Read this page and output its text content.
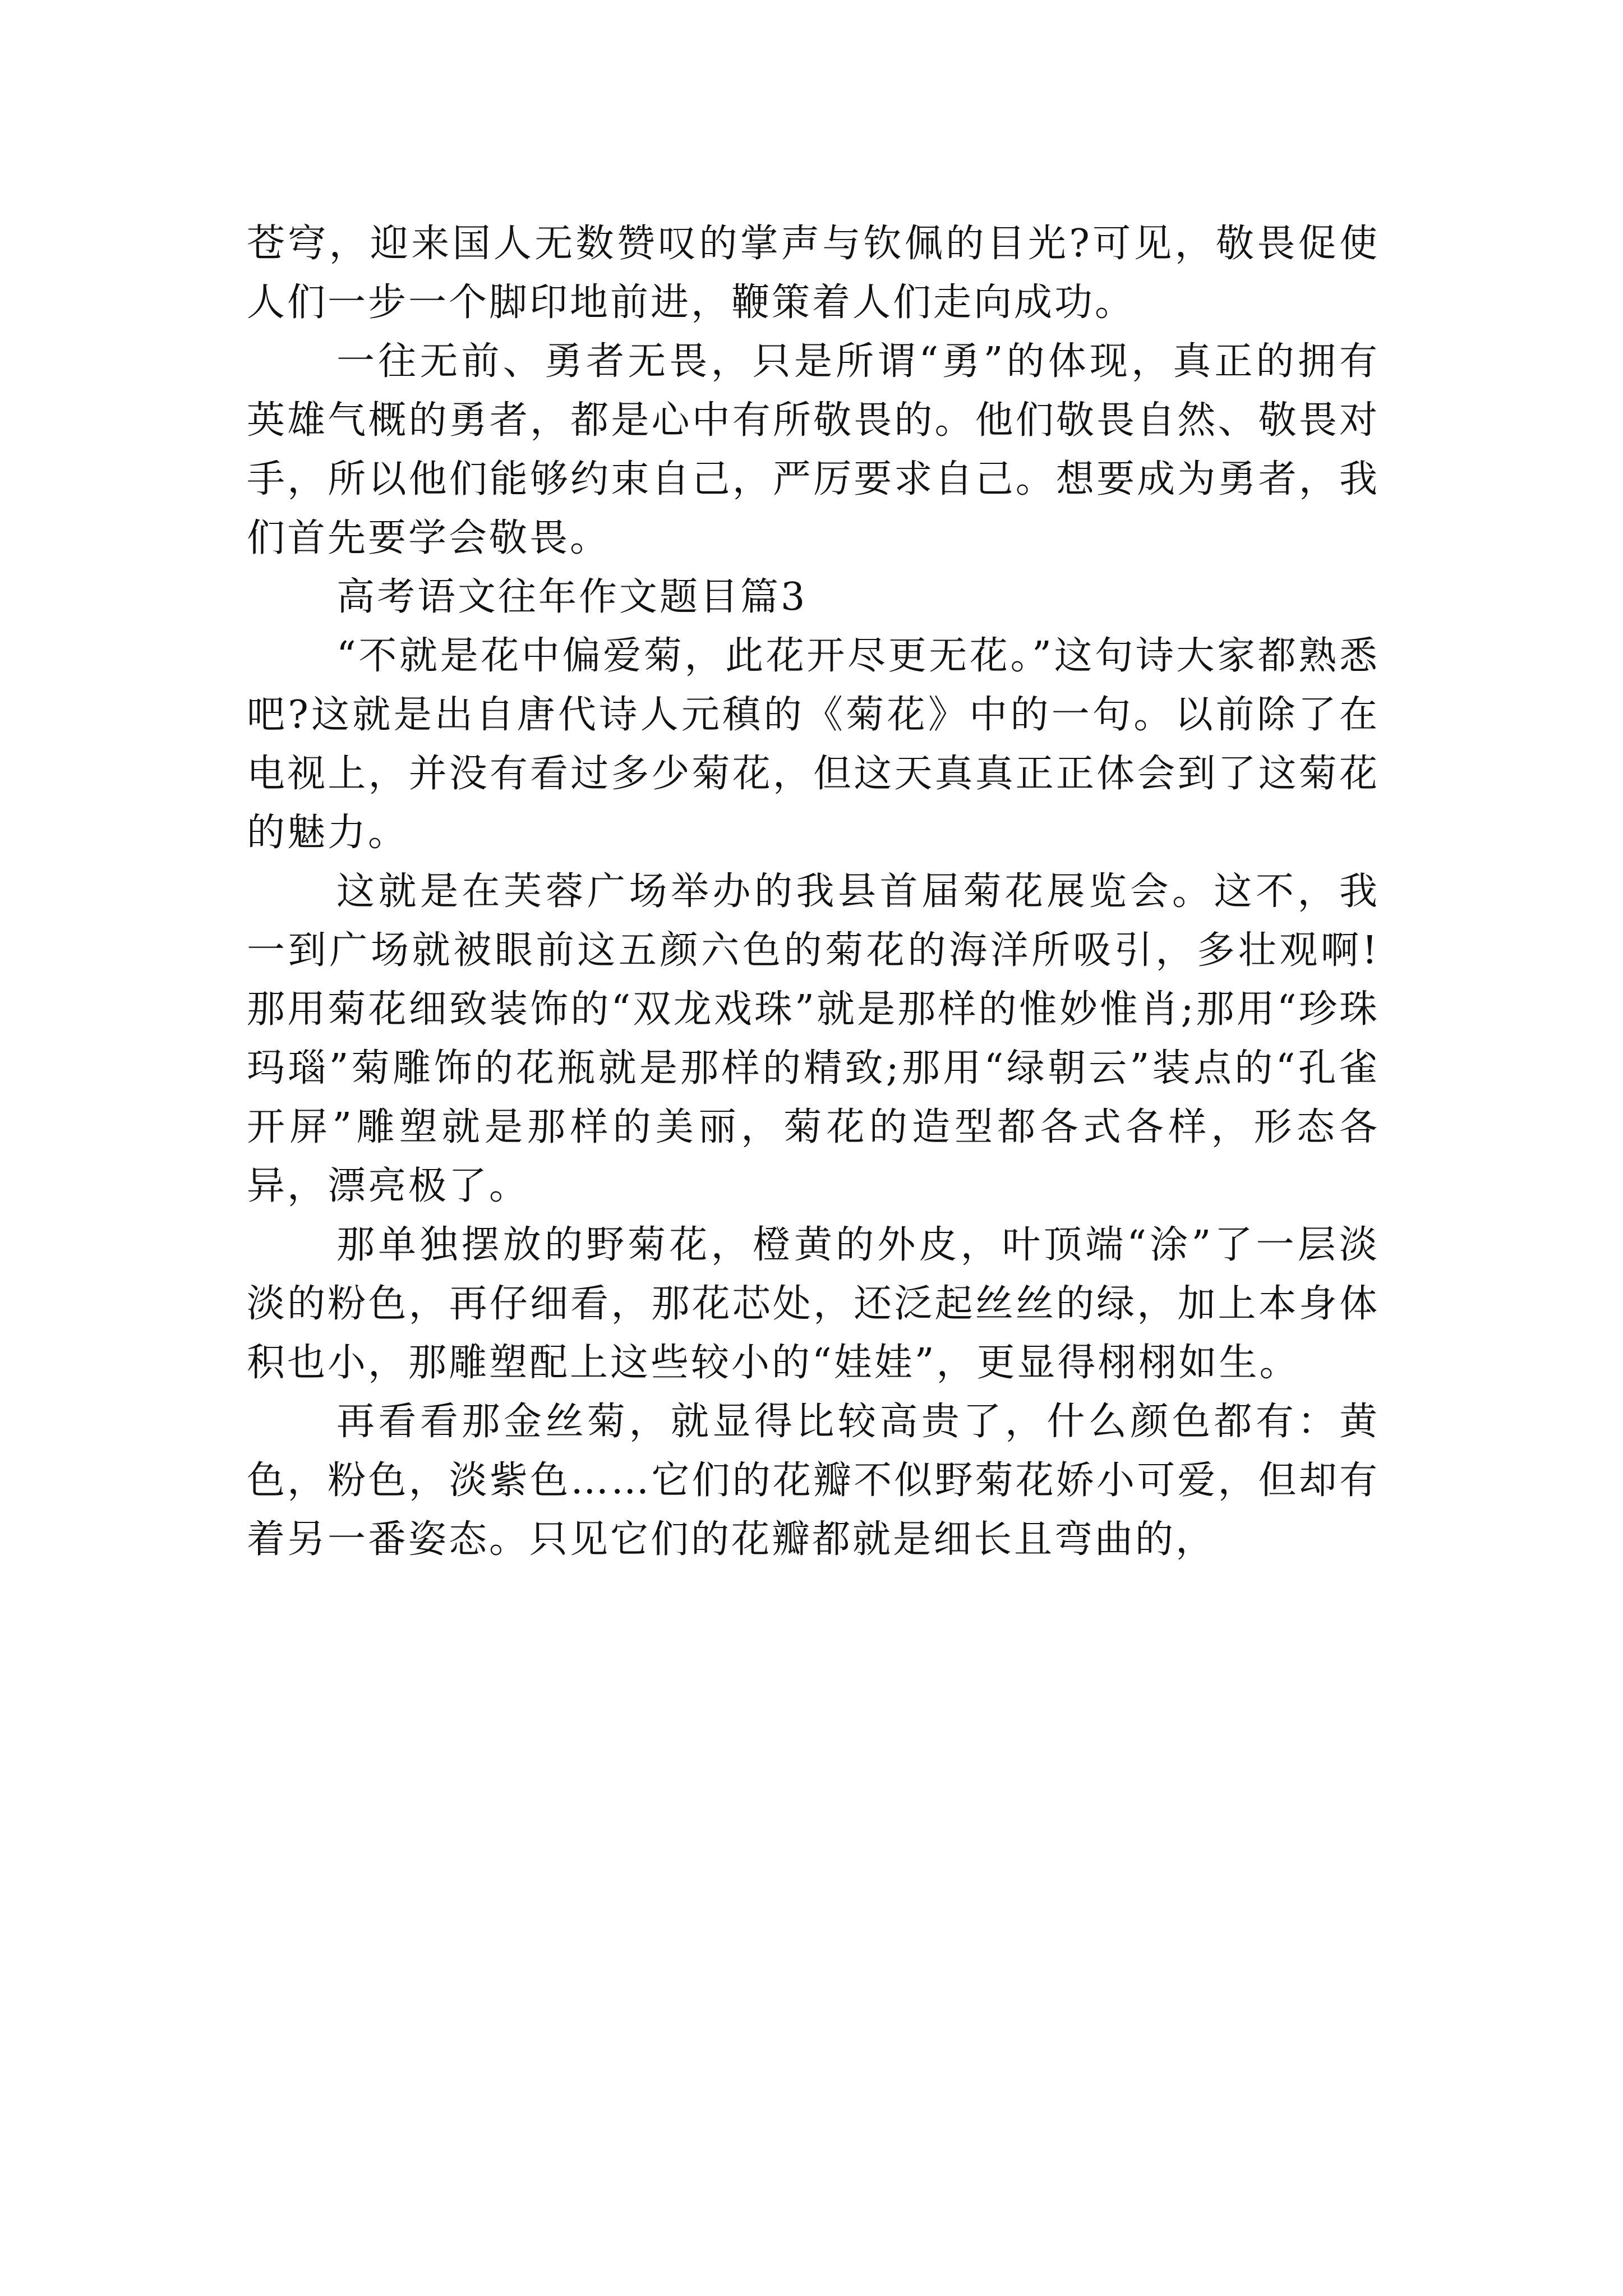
苍穹，迎来国人无数赞叹的掌声与钦佩的目光?可见，敬畏促使人们一步一个脚印地前进，鞭策着人们走向成功。

一往无前、勇者无畏，只是所谓“勇”的体现，真正的拥有英雄气概的勇者，都是心中有所敬畏的。他们敬畏自然、敬畏对手，所以他们能够约束自己，严厉要求自己。想要成为勇者，我们首先要学会敬畏。

高考语文往年作文题目篇3

“不就是花中偏爱菊，此花开尽更无花。”这句诗大家都熟悉吧?这就是出自唐代诗人元稹的《菊花》中的一句。以前除了在电视上，并没有看过多少菊花，但这天真真正正体会到了这菊花的魅力。

这就是在芙蓉广场举办的我县首届菊花展览会。这不，我一到广场就被眼前这五颜六色的菊花的海洋所吸引，多壮观啊!那用菊花细致装饰的“双龙戏珠”就是那样的惟妙惟肖;那用“珍珠玛瑙”菊雕饰的花瓶就是那样的精致;那用“绿朝云”装点的“孔雀开屏”雕塑就是那样的美丽，菊花的造型都各式各样，形态各异，漂亮极了。

那单独摆放的野菊花，橙黄的外皮，叶顶端“涂”了一层淡淡的粉色，再仔细看，那花芯处，还泛起丝丝的绿，加上本身体积也小，那雕塑配上这些较小的“娃娃”，更显得栩栩如生。

再看看那金丝菊，就显得比较高贵了，什么颜色都有：黄色，粉色，淡紫色……它们的花瓣不似野菊花娇小可爱，但却有着另一番姿态。只见它们的花瓣都就是细长且弯曲的，
